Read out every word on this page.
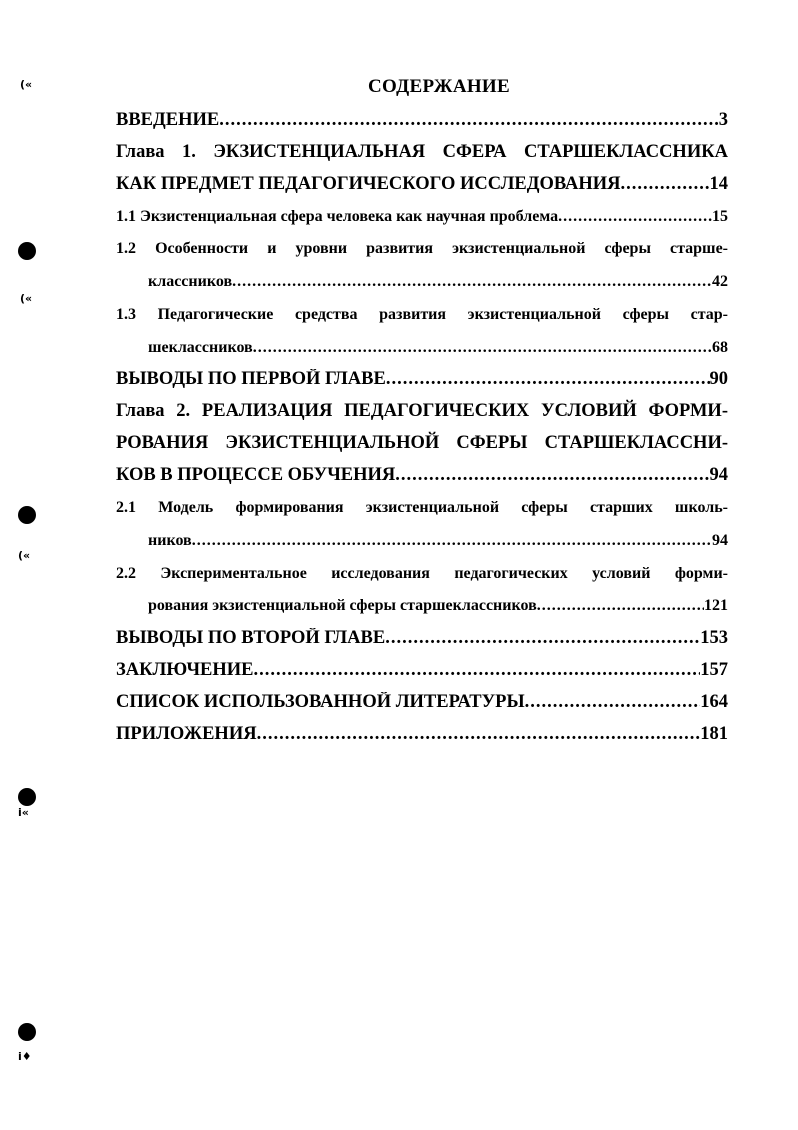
(«
(«
(«
i«
i♦
СОДЕРЖАНИЕ
ВВЕДЕНИЕ .....	3
Глава 1. ЭКЗИСТЕНЦИАЛЬНАЯ СФЕРА СТАРШЕКЛАССНИКА
КАК ПРЕДМЕТ ПЕДАГОГИЧЕСКОГО ИССЛЕДОВАНИЯ .....	14
1.1 Экзистенциальная сфера человека как научная проблема .....	15
1.2 Особенности и уровни развития экзистенциальной сферы старше-
классников .....	42
1.3 Педагогические средства развития экзистенциальной сферы стар-
шеклассников .....	68
ВЫВОДЫ ПО ПЕРВОЙ ГЛАВЕ .....	90
Глава 2. РЕАЛИЗАЦИЯ ПЕДАГОГИЧЕСКИХ УСЛОВИЙ ФОРМИ-
РОВАНИЯ ЭКЗИСТЕНЦИАЛЬНОЙ СФЕРЫ СТАРШЕКЛАССНИ-
КОВ В ПРОЦЕССЕ ОБУЧЕНИЯ .....	94
2.1 Модель формирования экзистенциальной сферы старших школь-
ников .....	94
2.2 Экспериментальное исследования педагогических условий форми-
рования экзистенциальной сферы старшеклассников .....	121
ВЫВОДЫ ПО ВТОРОЙ ГЛАВЕ .....	153
ЗАКЛЮЧЕНИЕ .....	157
СПИСОК ИСПОЛЬЗОВАННОЙ ЛИТЕРАТУРЫ .....	164
ПРИЛОЖЕНИЯ .....	181
